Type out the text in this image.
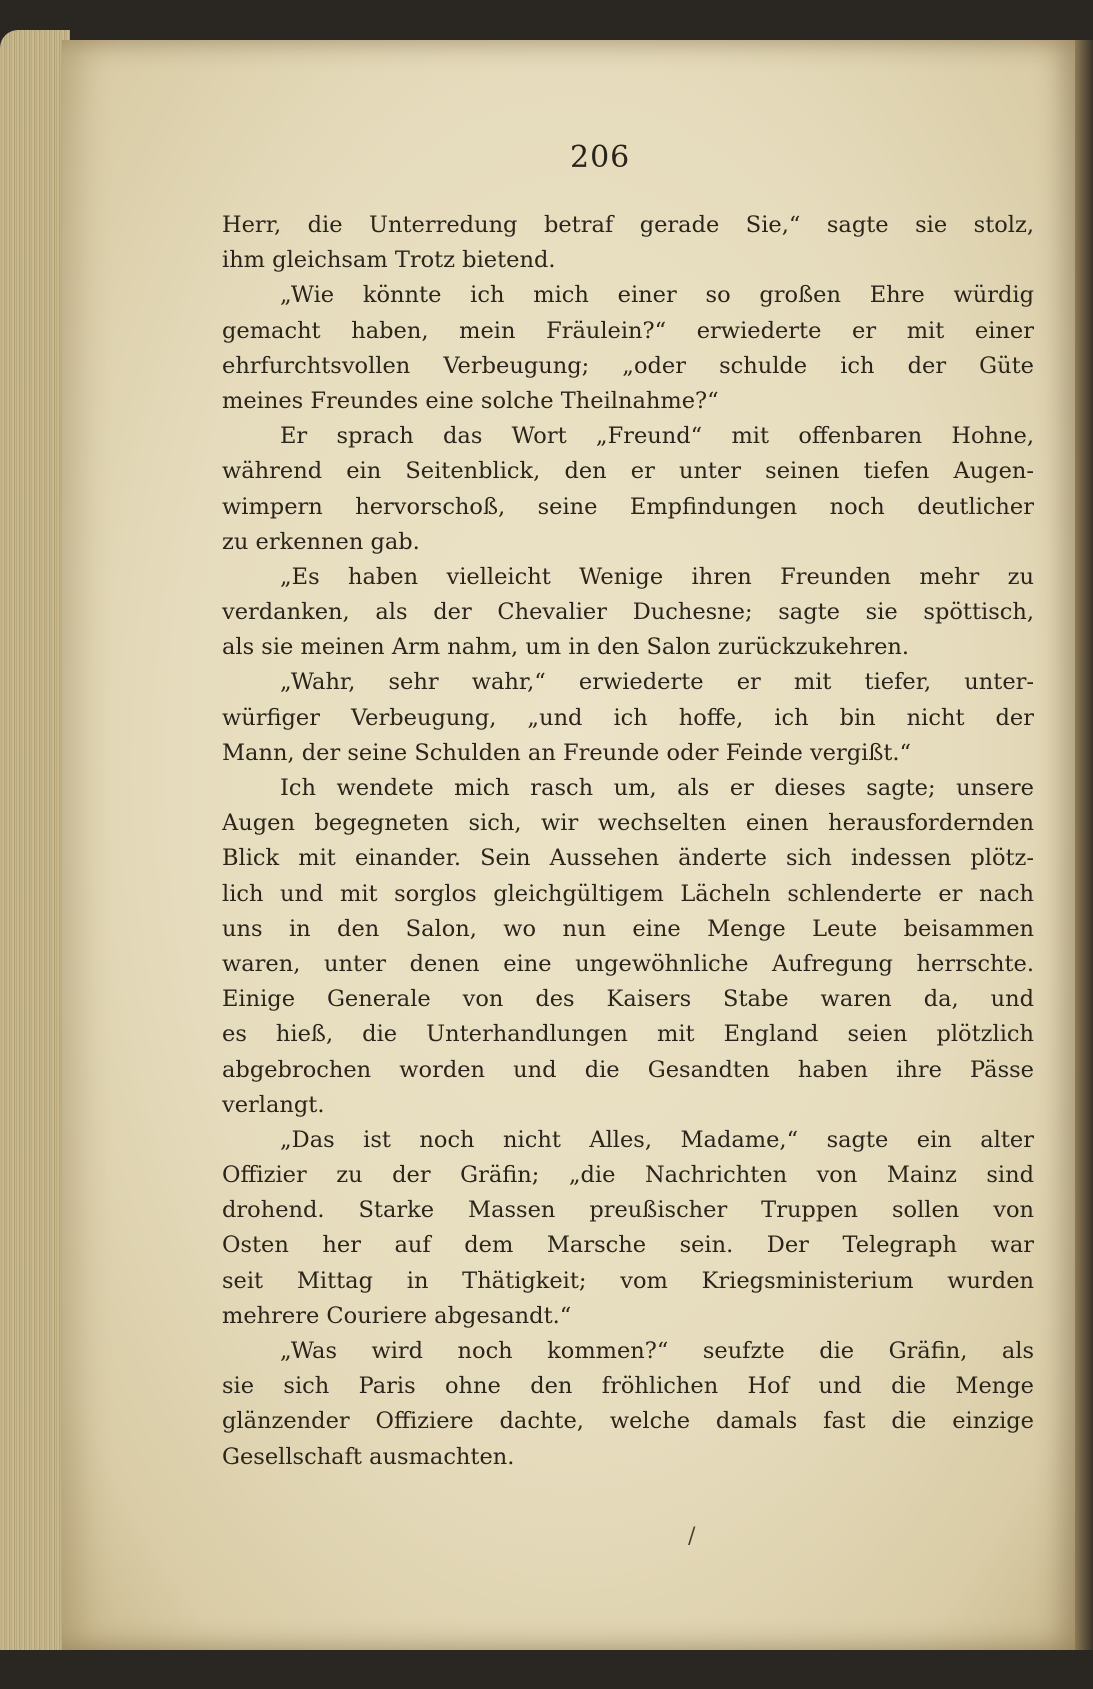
206
Herr, die Unterredung betraf gerade Sie,“ sagte sie stolz,
ihm gleichsam Trotz bietend.
„Wie könnte ich mich einer so großen Ehre würdig
gemacht haben, mein Fräulein?“ erwiederte er mit einer
ehrfurchtsvollen Verbeugung; „oder schulde ich der Güte
meines Freundes eine solche Theilnahme?“
Er sprach das Wort „Freund“ mit offenbaren Hohne,
während ein Seitenblick, den er unter seinen tiefen Augen-
wimpern hervorschoß, seine Empfindungen noch deutlicher
zu erkennen gab.
„Es haben vielleicht Wenige ihren Freunden mehr zu
verdanken, als der Chevalier Duchesne; sagte sie spöttisch,
als sie meinen Arm nahm, um in den Salon zurückzukehren.
„Wahr, sehr wahr,“ erwiederte er mit tiefer, unter-
würfiger Verbeugung, „und ich hoffe, ich bin nicht der
Mann, der seine Schulden an Freunde oder Feinde vergißt.“
Ich wendete mich rasch um, als er dieses sagte; unsere
Augen begegneten sich, wir wechselten einen herausfordernden
Blick mit einander. Sein Aussehen änderte sich indessen plötz-
lich und mit sorglos gleichgültigem Lächeln schlenderte er nach
uns in den Salon, wo nun eine Menge Leute beisammen
waren, unter denen eine ungewöhnliche Aufregung herrschte.
Einige Generale von des Kaisers Stabe waren da, und
es hieß, die Unterhandlungen mit England seien plötzlich
abgebrochen worden und die Gesandten haben ihre Pässe
verlangt.
„Das ist noch nicht Alles, Madame,“ sagte ein alter
Offizier zu der Gräfin; „die Nachrichten von Mainz sind
drohend. Starke Massen preußischer Truppen sollen von
Osten her auf dem Marsche sein. Der Telegraph war
seit Mittag in Thätigkeit; vom Kriegsministerium wurden
mehrere Couriere abgesandt.“
„Was wird noch kommen?“ seufzte die Gräfin, als
sie sich Paris ohne den fröhlichen Hof und die Menge
glänzender Offiziere dachte, welche damals fast die einzige
Gesellschaft ausmachten.
/
